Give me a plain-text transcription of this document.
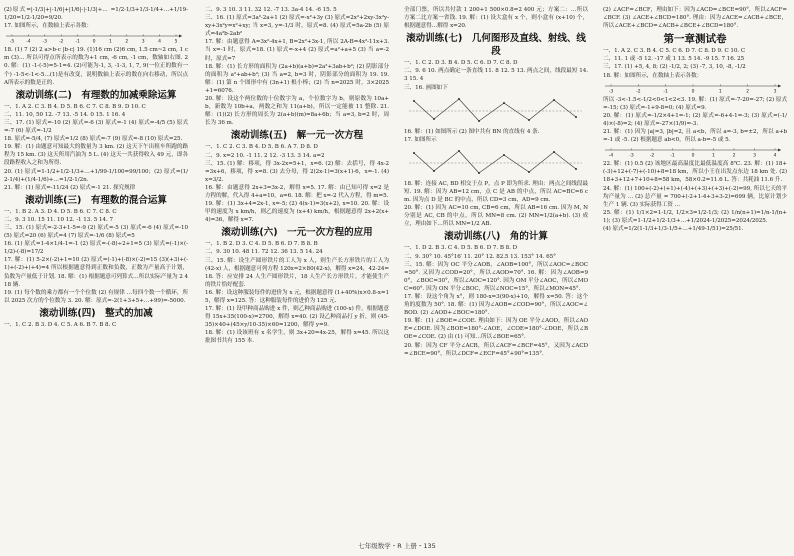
(2)原式=|-1/3|+|-1/6|+|1/6|-|-1/3|+… =1/2-1/3+1/3-1/4+…+1/19-1/20=1/2-1/20=9/20.

17. 如图所示，在数轴上表示各数：

-5	-4	-3	-2	-1	0	1	2	3	4	5

18. (1) 7 (2) 2 a>b-c |b-c| 19. (1)16 cm (2)6 cm, 1.5 cm~2 cm, 1 cm (3)… 所以可得点所表示的数为+1 cm, -6 cm, -1 cm，数轴如右图. 20. 解：(1) -1-(-5)=5-1=4. (2)可能为-1, 3, -1-3, 1, 7, 9(一位正的数有一个) -1-5<-1<-5…(1)是有改变，说明数轴上表示的数在向右移动，所以点A所表示的数是正的.

滚动训练(二)　有理数的加减乘除运算

一、1. A 2. C 3. B 4. D 5. B 6. C 7. C 8. B 9. D 10. C

二、11. 10, 50 12. -7 13. -5 14. 0 15. 1 16. 4

三、17. (1) 原式=-10 (2) 原式=-6 (3) 原式=-1 (4) 原式=-4/5 (5) 原式=-7 (6) 原式=-1/2

18. 原式=-5/4, (7) 原式=1/2 (8) 原式=-7 (9) 原式=-8 (10) 原式=25.

19. 解：(1) 由题意可知最大的数量为 3 km. (2) 这天下午出租车所跑的路程为 15 km. (3) 这天所用汽油为 5 L. (4) 这天一共获得收入 49 元，即各段路程收入之和为所得.

20. (1) 原式=1-1/2+1/2-1/3+…+1/99-1/100=99/100；(2) 原式=(1/2-1/4)+(1/4-1/6)+…=1/2-1/2n.

21. 解：(1) 原式=-11/24 (2) 原式=-1 21. 探究规律

滚动训练(三)　有理数的混合运算

一、1. B 2. A 3. D 4. D 5. B 6. C 7. C 8. C

二、9. 3 10. 15 11. 10 12. -1 13. 5 14. 7

三、15. (1) 原式=-2-3+1-5=-9 (2) 原式=-5 (3) 原式=-6 (4) 原式=-10 (5) 原式=20 (6) 原式=4 (7) 原式=-1/6 (8) 原式=5

16. (1) 原式=1-4×1/4-1=-1 (2) 原式=-(-8)÷2+1=5 (3) 原式=(-1)×(-1/2)-(-8)=17/2

17. 解：(1) 5-2×(-2)+1=10 (2) 原式=(-1)+(-8)×(-2)=15 (3)(+3)+(-1)+(-2)+(+4)=4 所以根据题意得到正数和负数，正数为产量高于计划，负数为产量低于计划. 18. 解：(1) 根据题意可列算式…所以实际产量为 2 418 辆.

19. (1) 每个数的乘方都有一个个位数 (2) 有规律 …每四个数一个循环，所以 2025 次方的个位数为 3. 20. 解：原式=-2(1+3+5+…+99)=-5000.

滚动训练(四)　整式的加减

一、1. C 2. B 3. D 4. C 5. A 6. B 7. B 8. C

二、9. 3 10. 3 11. 32 12. -7 13. 3a-4 14. -6 15. 5

三、16. (1) 原式=3a²-2a+1 (2) 原式=-x²+3y (3) 原式=2x²+2xy-3x²y-xy+3x²y=x²+xy; 当 x=3, y=-1/3 时，原式=8. (4) 原式=5a-2b (5) 原式=4a²b-2ab²

17. 解：由题意得 A=3x²-4x+1, B=2x²+3x-1, 所以 2A-B=4x²-11x+3. 当 x=-1 时，原式=18. (1) 原式=-x+4 (2) 原式=a²+a+5 (3) 当 a=-2 时，原式=7

18. 解：(1) 长方形的面积为 (2a+b)(a+b)=2a²+3ab+b²; (2) 阴影部分的面积为 a²+ab+b²; (3) 当 a=2, b=3 时，阴影部分的面积为 19. 19. 解：(1) 第 n 个图形中有 (3n+1) 根小棒；(2) 当 n=2025 时，3×2025+1=6076.

20. 解：设这个两位数的十位数字为 a，个位数字为 b，则原数为 10a+b，新数为 10b+a，两数之和为 11(a+b)，所以一定能被 11 整除. 21. 解：(1)(2) 长方形的周长为 2(a+b)(m)=8a+6b；当 a=3, b=2 时，周长为 36 m.

滚动训练(五)　解一元一次方程

一、1. C 2. C 3. B 4. D 5. B 6. A 7. D 8. D

二、9. x=2 10. -1 11. 2 12. -3 13. 3 14. a=2

三、15. (1) 解：移项，得 3x-2x=5+1，x=6. (2) 解：去括号，得 4x-2=3x+6，移项，得 x=8. (3) 去分母，得 2(2x-1)=3(x+1)-6，x=-1. (4) x=3/2.

16. 解：由题意得 2x+3=3x-2，解得 x=5. 17. 解：由已知可得 x=2 是方程的解，代入得 4+a=10，a=6. 18. 解：把 x=-2 代入方程，得 m=5.

19. 解：(1) 3x+4=2x-1, x=-5; (2) 4(x-1)=3(x+2), x=10. 20. 解：设甲的速度为 x km/h，则乙的速度为 (x+4) km/h，根据题意得 2x+2(x+4)=36，解得 x=7.

滚动训练(六)　一元一次方程的应用

一、1. B 2. D 3. C 4. D 5. B 6. D 7. B 8. B

二、9. 30 10. 48 11. 72 12. 36 13. 5 14. 24

三、15. 解：设生产圆形铁片的工人为 x 人，则生产长方形铁片的工人为 (42-x) 人，根据题意可列方程 120x=2×80(42-x)，解得 x=24，42-24=18. 答：应安排 24 人生产圆形铁片，18 人生产长方形铁片，才能使生产的铁片恰好配套.

16. 解：设这种服装每件的进价为 x 元，根据题意得 (1+40%)x×0.8-x=15，解得 x=125. 答：这种服装每件的进价为 125 元.

17. 解：(1) 设甲种商品购进 x 件，则乙种商品购进 (100-x) 件，根据题意得 15x+35(100-x)=2700，解得 x=40. (2) 设乙种商品打 y 折，则 (45-35)×40+(45×y/10-35)×60=1200，解得 y=9.

18. 解：(1) 设该班有 x 名学生，则 3x+20=4x-25，解得 x=45. 所以这批图书共有 155 本.

全部门票，所以共付款 1 200+1 500×0.8=2 400 元；方案二：…所以方案二比方案一省钱. 19. 解：(1) 设大盒有 x 个，则小盒有 (x+10) 个，根据题意得…解得 x=20.

滚动训练(七)　几何图形及直线、射线、线段

一、1. C 2. D 3. B 4. D 5. C 6. D 7. C 8. D

二、9. 6 10. 两点确定一条直线 11. 8 12. 5 13. 两点之间，线段最短 14. 3 15. 4

三、16. 画图如下

16. 解：(1) 如图所示 (2) 图中共有 BN 的直线有 4 条.

17. 如图所示

18. 解：连接 AC, BD 相交于点 P，点 P 即为所求. 理由：两点之间线段最短. 19. 解：因为 AB=12 cm，点 C 是 AB 的中点，所以 AC=BC=6 cm. 因为点 D 是 BC 的中点，所以 CD=3 cm，AD=9 cm.

20. 解：(1) 因为 AC=10 cm, CB=6 cm，所以 AB=16 cm. 因为 M, N 分别是 AC, CB 的中点，所以 MN=8 cm. (2) MN=1/2(a+b). (3) 成立，理由如下…所以 MN=1/2 AB.

滚动训练(八)　角的计算

一、1. D 2. B 3. C 4. D 5. B 6. D 7. B 8. D

二、9. 30° 10. 45°16′ 11. 20° 12. 82.5 13. 153° 14. 65°

三、15. 解：因为 OC 平分∠AOB，∠AOB=100°，所以∠AOC=∠BOC=50°. 又因为∠COD=20°，所以∠AOD=70°. 16. 解：因为∠AOB=90°，∠BOC=30°，所以∠AOC=120°. 因为 OM 平分∠AOC，所以∠MOC=60°. 因为 ON 平分∠BOC，所以∠NOC=15°，所以∠MON=45°.

17. 解：设这个角为 x°，则 180-x=3(90-x)+10，解得 x=50. 答：这个角的度数为 50°. 18. 解：(1) 因为∠AOB=∠COD=90°，所以∠AOC=∠BOD. (2) ∠AOD+∠BOC=180°.

19. 解：(1) ∠BOE=∠COE. 理由如下：因为 OE 平分∠AOD，所以∠AOE=∠DOE. 因为∠BOE=180°-∠AOE，∠COE=180°-∠DOE，所以∠BOE=∠COE. (2) 由 (1) 可知…所以∠BOE=65°.

20. 解：因为 CF 平分∠ACB，所以∠ACF=∠BCF=45°，又因为∠ACD=∠BCE=90°，所以∠DCF=∠ECF=45°+90°=135°.

(2) ∠ACF=∠BCF，理由如下：因为∠ACD=∠BCE=90°，所以∠ACF=∠BCF. (3) ∠ACE+∠BCD=180°. 理由：因为∠ACE=∠ACB+∠BCE，所以∠ACE+∠BCD=∠ACB+∠BCE+∠BCD=180°.

第一章测试卷

一、1. A 2. C 3. B 4. C 5. C 6. D 7. C 8. D 9. C 10. C

二、11. 1 或 -5 12. -17 或 1 13. 5 14. -9 15. 7 16. 25

三、17. (1) +5, 4, 8; (2) -1/2, 2; (3) -7, 3, 10, -8, -1/2

18. 解：如图所示，在数轴上表示各数：

-3	-2	-1	0	1	2	3

所以 -3<-1.5<-1/2<0<1<2<3. 19. 解：(1) 原式=-7-20=-27; (2) 原式=-15; (3) 原式=-1+9-8=0; (4) 原式=9.

20. 解：(1) 原式=-1/2×4+1=-1; (2) 原式=-6+4-1=-3; (3) 原式=(-1/4)×(-8)=2; (4) 原式=-27×(1/9)=-3.

21. 解：(1) 因为 |a|=3, |b|=2, 且 a<b，所以 a=-3, b=±2，所以 a+b=-1 或 -5. (2) 根据题意 ab<0，所以 a-b=-5 或 5.

-4	-3	-2	-1	0	1	2	3	4

22. 解：(1) 0.5 (2) 该地区最高温度比最低温度高 8℃. 23. 解：(1) 18+(-3)+12+(-7)+(-10)+8=18 km，所以小王在出发点东边 18 km 处. (2) 18+3+12+7+10+8=58 km，58×0.2=11.6 L. 答：共耗油 11.6 升.

24. 解：(1) 100+(-2)+(+1)+(-4)+(+3)+(+3)+(-2)=99, 所以七天的平均产量为 … (2) 总产量 = 700+(-2+1-4+3+3-2)=699 辆，比原计划少生产 1 辆. (3) 实际获得工资 …

25. 解：(1) 1/1×2=1-1/2, 1/2×3=1/2-1/3; (2) 1/n(n+1)=1/n-1/(n+1); (3) 原式=1-1/2+1/2-1/3+…+1/2024-1/2025=2024/2025.

(4) 原式=1/2(1-1/3+1/3-1/5+…+1/49-1/51)=25/51.

七年级数学・R 上册・135
